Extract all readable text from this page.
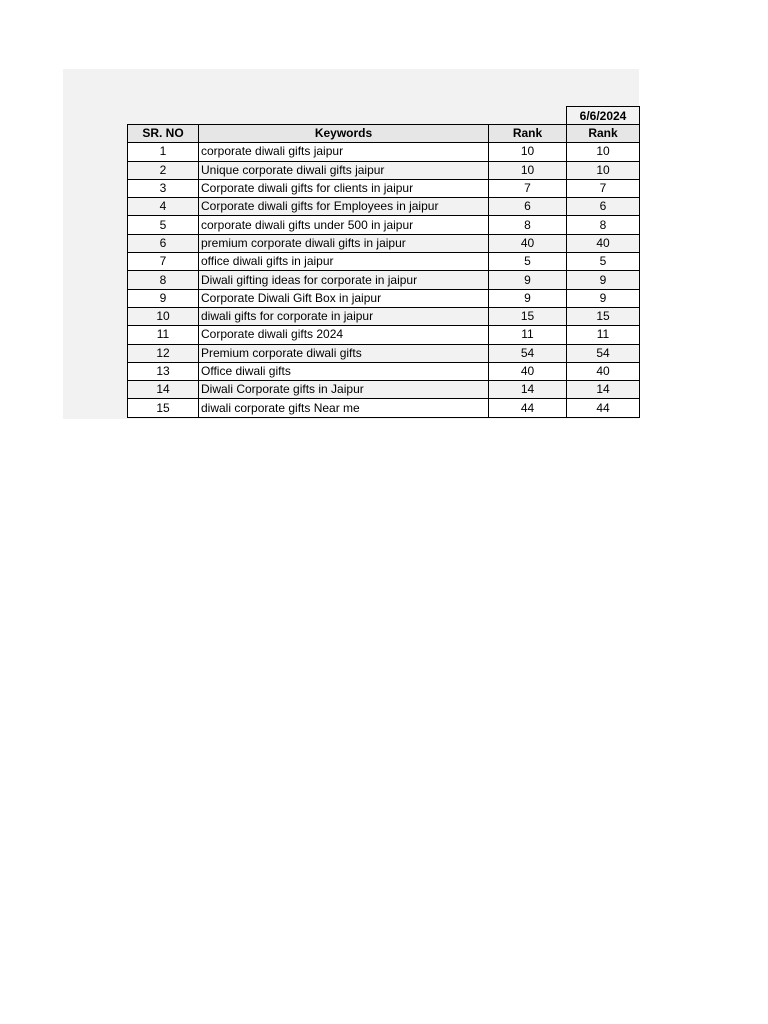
6/6/2024
SR. NO	Keywords	Rank	Rank
1	corporate diwali gifts jaipur	10	10
2	Unique corporate diwali gifts jaipur	10	10
3	Corporate diwali gifts for clients in jaipur	7	7
4	Corporate diwali gifts for Employees in jaipur	6	6
5	corporate diwali gifts under 500 in jaipur	8	8
6	premium corporate diwali gifts in jaipur	40	40
7	office diwali gifts in jaipur	5	5
8	Diwali gifting ideas for corporate in jaipur	9	9
9	Corporate Diwali Gift Box in jaipur	9	9
10	diwali gifts for corporate in jaipur	15	15
11	Corporate diwali gifts 2024	11	11
12	Premium corporate diwali gifts	54	54
13	Office diwali gifts	40	40
14	Diwali Corporate gifts in Jaipur	14	14
15	diwali corporate gifts Near me	44	44
